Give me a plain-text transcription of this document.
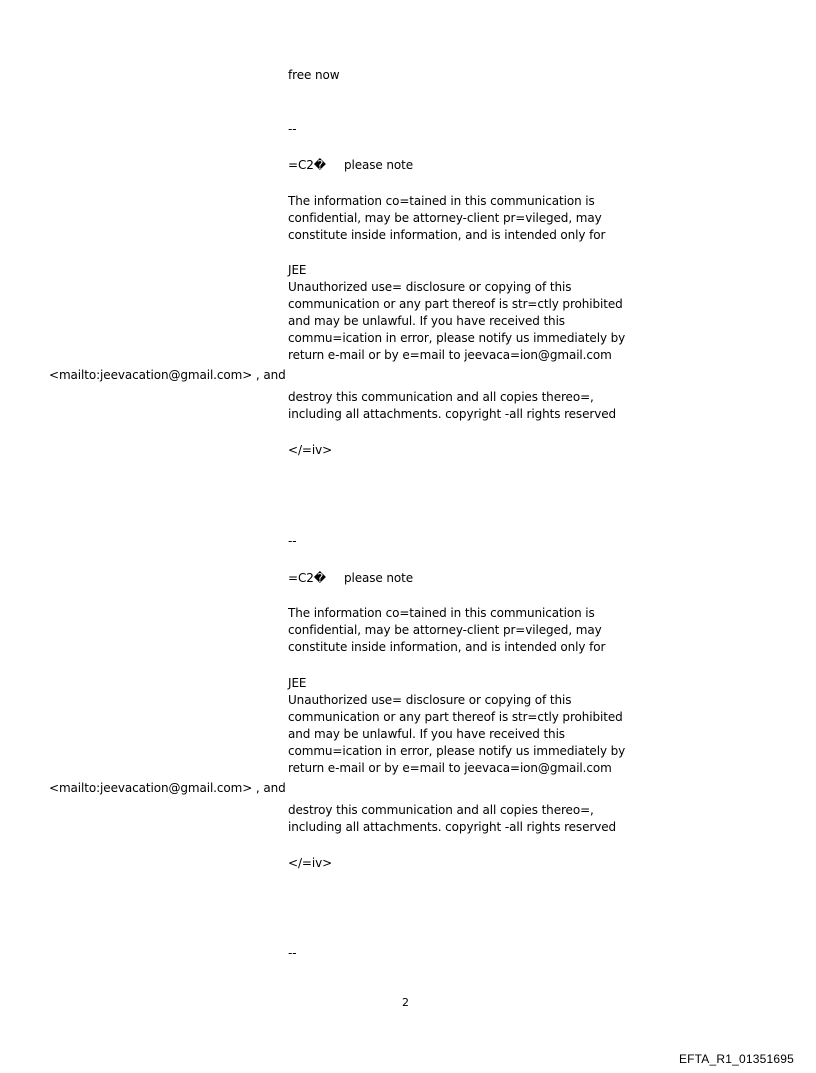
free now
--
=C2� please note
The information co=tained in this communication is
confidential, may be attorney-client pr=vileged, may
constitute inside information, and is intended only for
JEE
Unauthorized use= disclosure or copying of this
communication or any part thereof is str=ctly prohibited
and may be unlawful. If you have received this
commu=ication in error, please notify us immediately by
return e-mail or by e=mail to jeevaca=ion@gmail.com
<mailto:jeevacation@gmail.com> , and
destroy this communication and all copies thereo=,
including all attachments. copyright -all rights reserved
</=iv>
--
=C2� please note
The information co=tained in this communication is
confidential, may be attorney-client pr=vileged, may
constitute inside information, and is intended only for
JEE
Unauthorized use= disclosure or copying of this
communication or any part thereof is str=ctly prohibited
and may be unlawful. If you have received this
commu=ication in error, please notify us immediately by
return e-mail or by e=mail to jeevaca=ion@gmail.com
<mailto:jeevacation@gmail.com> , and
destroy this communication and all copies thereo=,
including all attachments. copyright -all rights reserved
</=iv>
--
2
EFTA_R1_01351695
